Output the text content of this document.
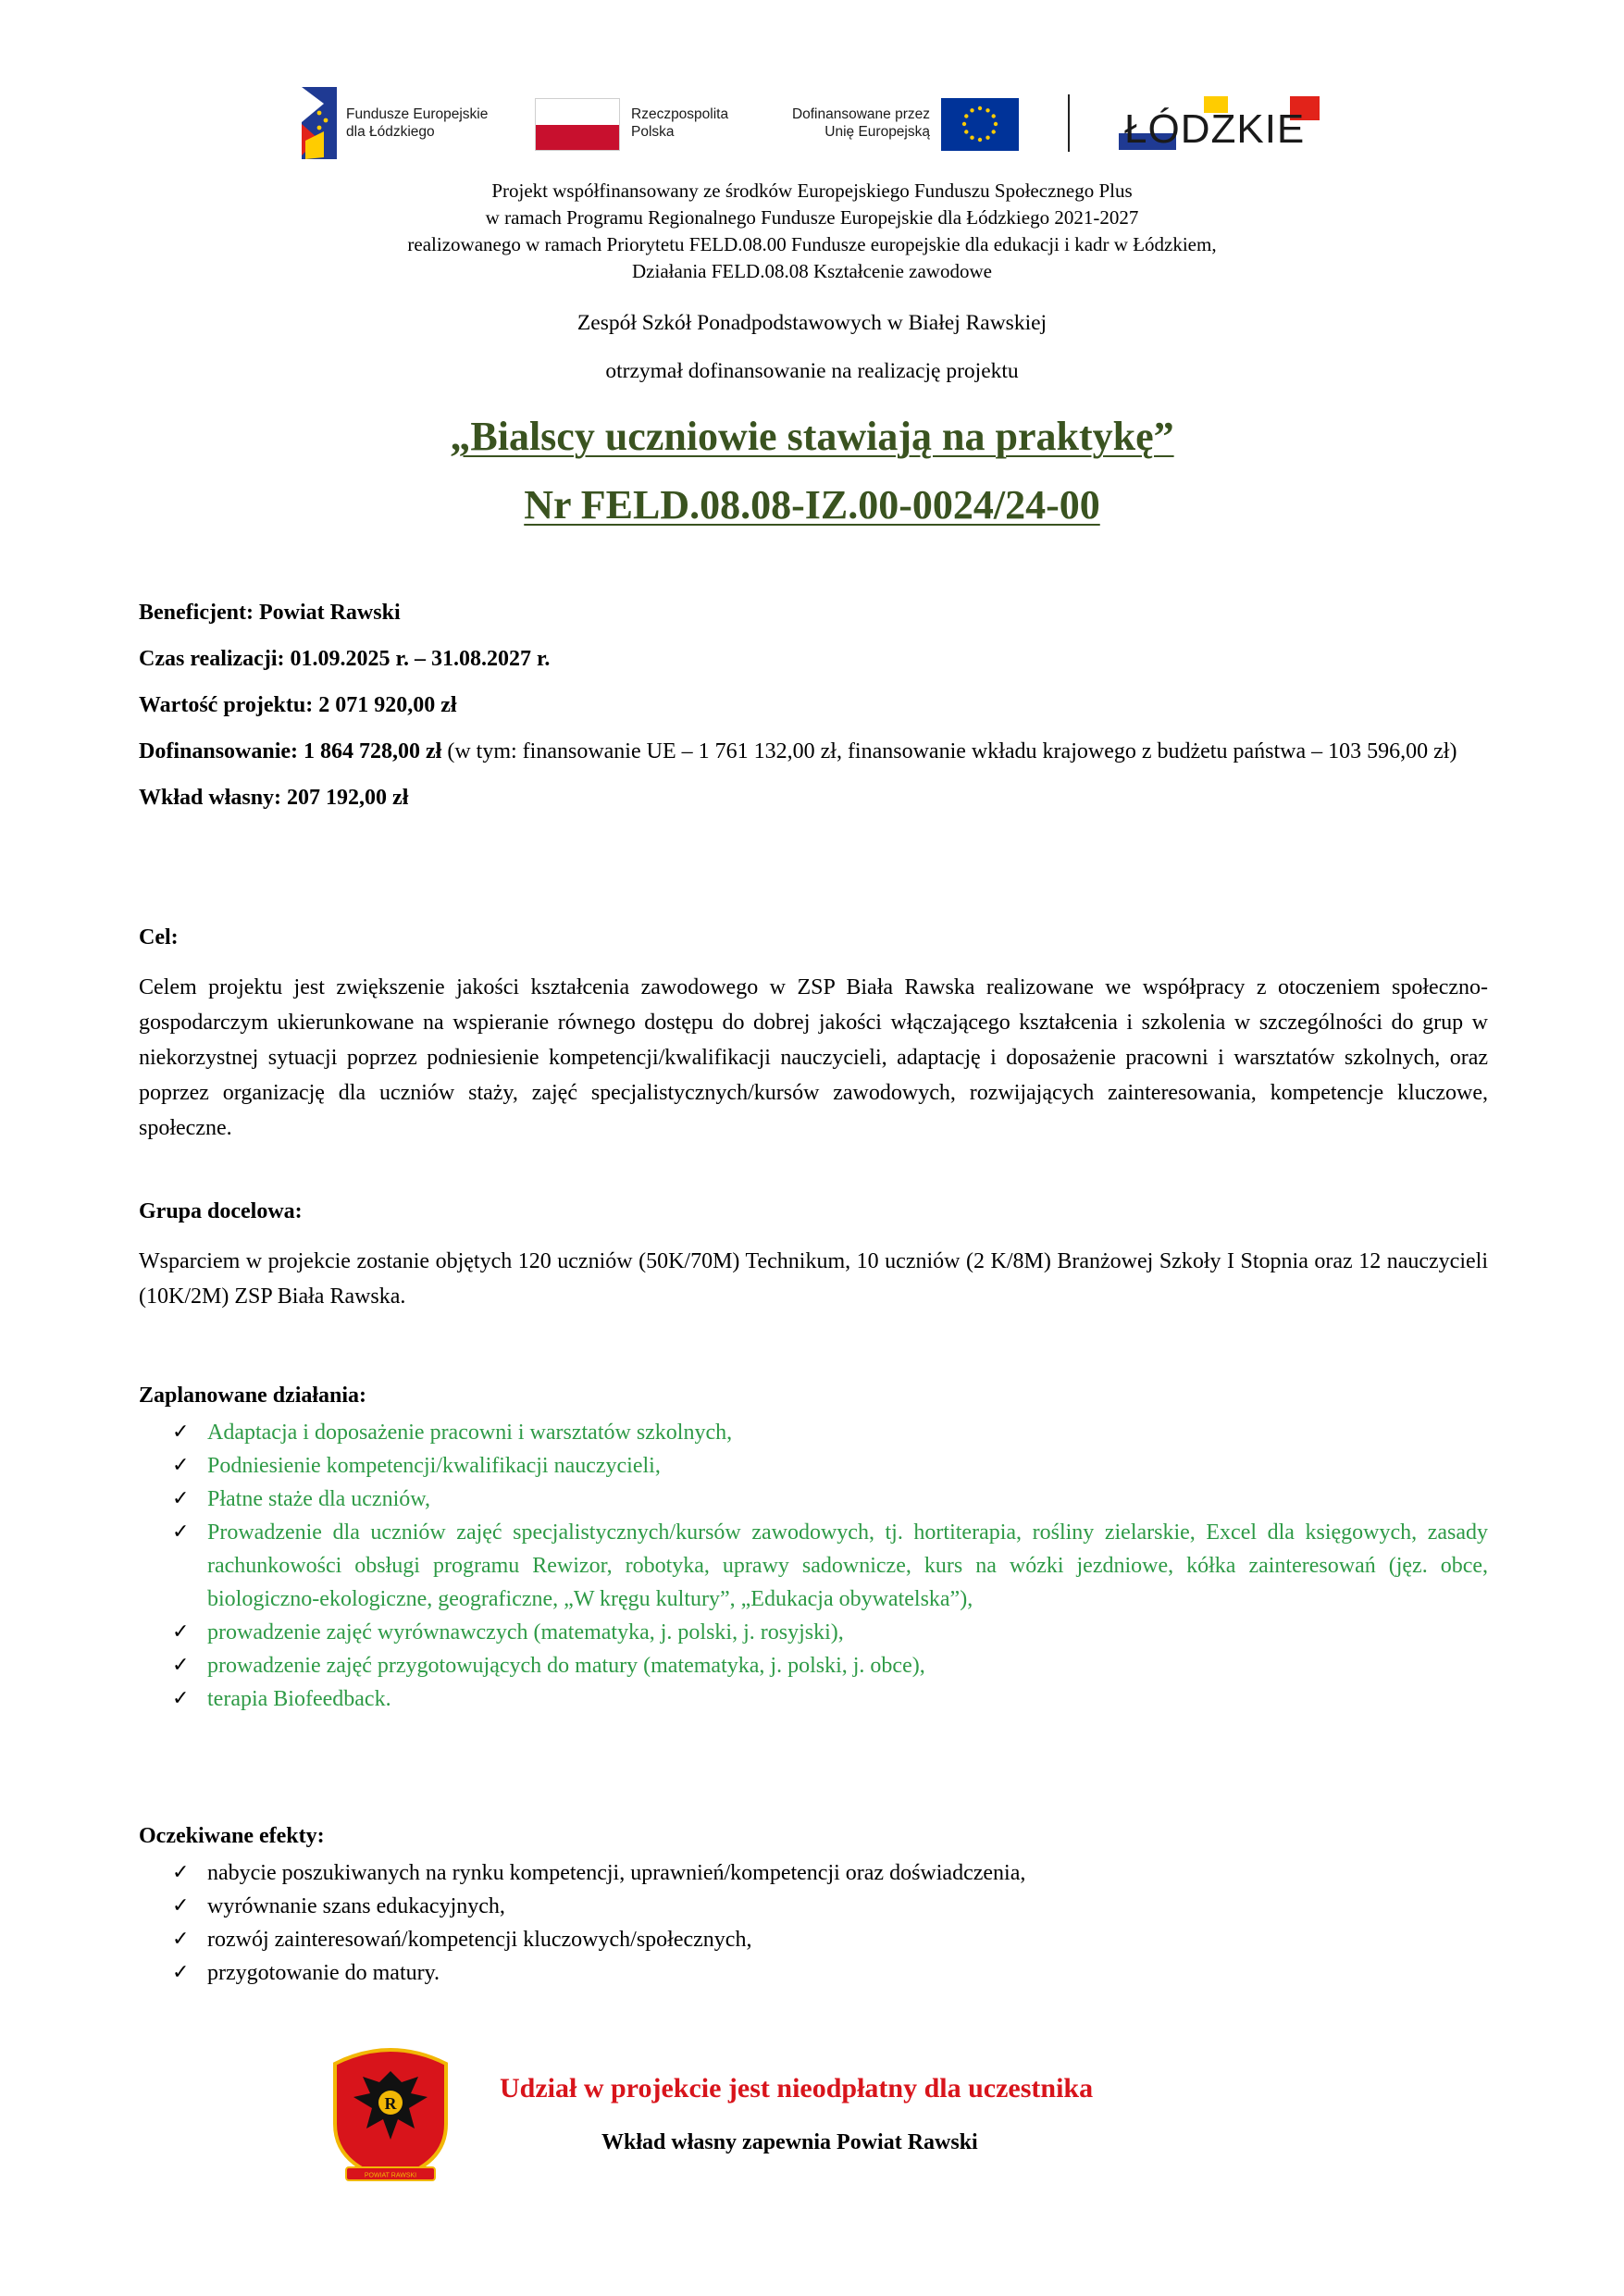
Fundusze Europejskie
dla Łódzkiego
Rzeczpospolita
Polska
Dofinansowane przez
Unię Europejską	ŁÓDZKIE
Projekt współfinansowany ze środków Europejskiego Funduszu Społecznego Plus
w ramach Programu Regionalnego Fundusze Europejskie dla Łódzkiego 2021-2027
realizowanego w ramach Priorytetu FELD.08.00 Fundusze europejskie dla edukacji i kadr w Łódzkiem,
Działania FELD.08.08 Kształcenie zawodowe
Zespół Szkół Ponadpodstawowych w Białej Rawskiej
otrzymał dofinansowanie na realizację projektu
„Bialscy uczniowie stawiają na praktykę”
Nr FELD.08.08-IZ.00-0024/24-00
Beneficjent: Powiat Rawski
Czas realizacji: 01.09.2025 r. – 31.08.2027 r.
Wartość projektu: 2 071 920,00 zł
Dofinansowanie: 1 864 728,00 zł (w tym: finansowanie UE – 1 761 132,00 zł, finansowanie wkładu krajowego z budżetu państwa – 103 596,00 zł)
Wkład własny: 207 192,00 zł
Cel:
Celem projektu jest zwiększenie jakości kształcenia zawodowego w ZSP Biała Rawska realizowane we współpracy z otoczeniem społeczno-gospodarczym ukierunkowane na wspieranie równego dostępu do dobrej jakości włączającego kształcenia i szkolenia w szczególności do grup w niekorzystnej sytuacji poprzez podniesienie kompetencji/kwalifikacji nauczycieli, adaptację i doposażenie pracowni i warsztatów szkolnych, oraz poprzez organizację dla uczniów staży, zajęć specjalistycznych/kursów zawodowych, rozwijających zainteresowania, kompetencje kluczowe, społeczne.
Grupa docelowa:
Wsparciem w projekcie zostanie objętych 120 uczniów (50K/70M) Technikum, 10 uczniów (2 K/8M) Branżowej Szkoły I Stopnia oraz 12 nauczycieli (10K/2M) ZSP Biała Rawska.
Zaplanowane działania:
✓ Adaptacja i doposażenie pracowni i warsztatów szkolnych,
✓ Podniesienie kompetencji/kwalifikacji nauczycieli,
✓ Płatne staże dla uczniów,
✓ Prowadzenie dla uczniów zajęć specjalistycznych/kursów zawodowych, tj. hortiterapia, rośliny zielarskie, Excel dla księgowych, zasady rachunkowości obsługi programu Rewizor, robotyka, uprawy sadownicze, kurs na wózki jezdniowe, kółka zainteresowań (jęz. obce, biologiczno-ekologiczne, geograficzne, „W kręgu kultury”, „Edukacja obywatelska”),
✓ prowadzenie zajęć wyrównawczych (matematyka, j. polski, j. rosyjski),
✓ prowadzenie zajęć przygotowujących do matury (matematyka, j. polski, j. obce),
✓ terapia Biofeedback.
Oczekiwane efekty:
✓ nabycie poszukiwanych na rynku kompetencji, uprawnień/kompetencji oraz doświadczenia,
✓ wyrównanie szans edukacyjnych,
✓ rozwój zainteresowań/kompetencji kluczowych/społecznych,
✓ przygotowanie do matury.
R
POWIAT RAWSKI
Udział w projekcie jest nieodpłatny dla uczestnika
Wkład własny zapewnia Powiat Rawski
